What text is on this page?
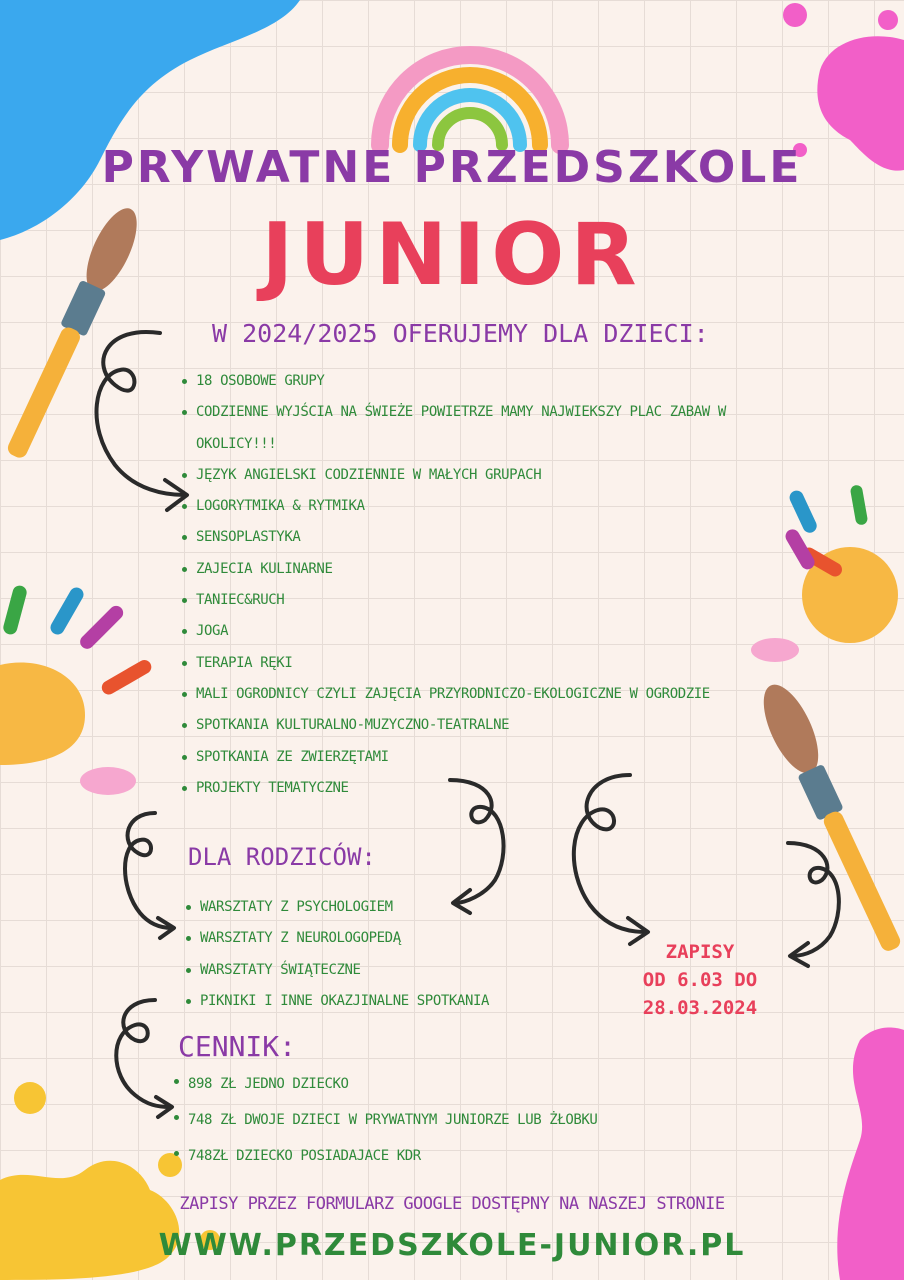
PRYWATNE PRZEDSZKOLE
JUNIOR
W 2024/2025 OFERUJEMY DLA DZIECI:
18 OSOBOWE GRUPY
CODZIENNE WYJŚCIA NA ŚWIEŻE POWIETRZE MAMY NAJWIEKSZY PLAC ZABAW W OKOLICY!!!
JĘZYK ANGIELSKI CODZIENNIE W MAŁYCH GRUPACH
LOGORYTMIKA & RYTMIKA
SENSOPLASTYKA
ZAJECIA KULINARNE
TANIEC&RUCH
JOGA
TERAPIA RĘKI
MALI OGRODNICY CZYLI ZAJĘCIA PRZYRODNICZO-EKOLOGICZNE W OGRODZIE
SPOTKANIA KULTURALNO-MUZYCZNO-TEATRALNE
SPOTKANIA ZE ZWIERZĘTAMI
PROJEKTY TEMATYCZNE
DLA RODZICÓW:
WARSZTATY Z PSYCHOLOGIEM
WARSZTATY Z NEUROLOGOPEDĄ
WARSZTATY ŚWIĄTECZNE
PIKNIKI I INNE OKAZJINALNE SPOTKANIA
ZAPISY
OD 6.03 DO
28.03.2024
CENNIK:
898 ZŁ JEDNO DZIECKO
748 ZŁ DWOJE DZIECI W PRYWATNYM JUNIORZE LUB ŻŁOBKU
748ZŁ DZIECKO POSIADAJACE KDR
ZAPISY PRZEZ FORMULARZ GOOGLE DOSTĘPNY NA NASZEJ STRONIE
WWW.PRZEDSZKOLE-JUNIOR.PL
